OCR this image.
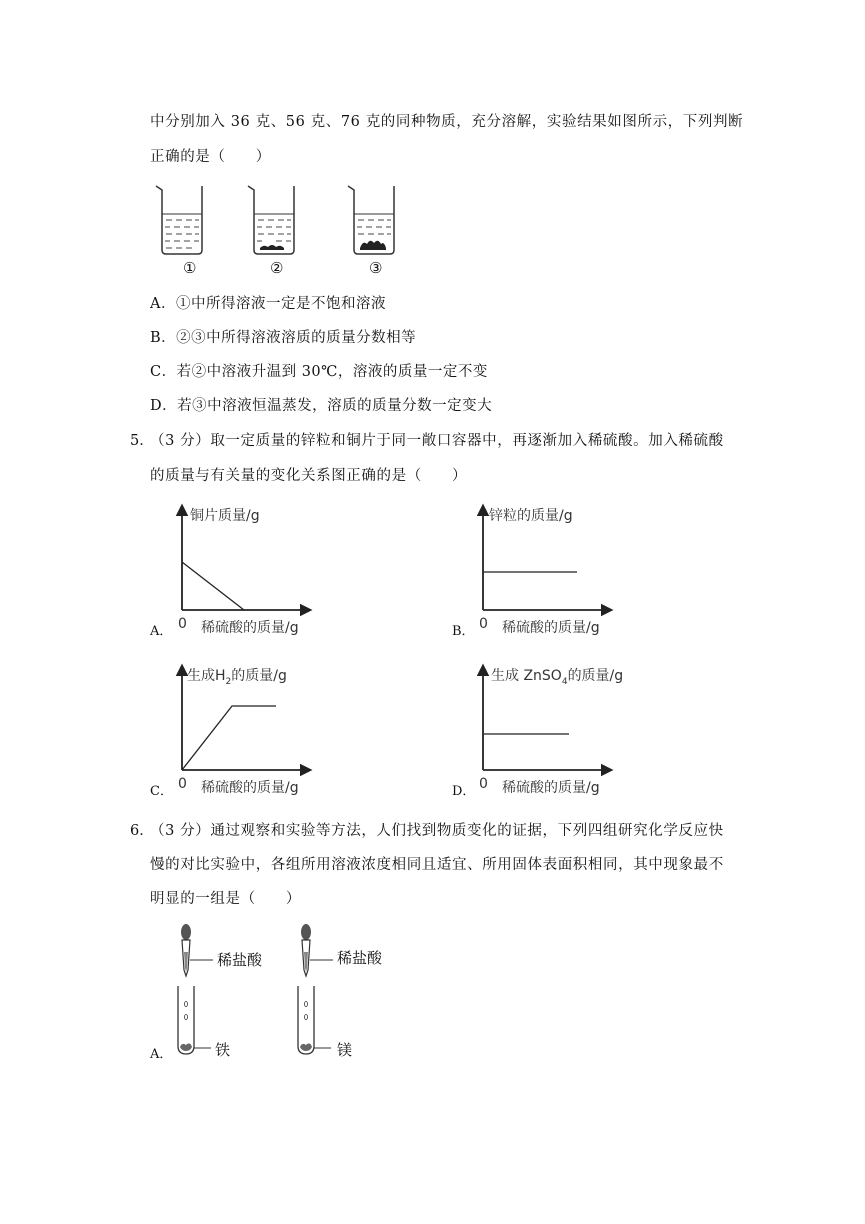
中分别加入 36 克、56 克、76 克的同种物质，充分溶解，实验结果如图所示，下列判断
正确的是（　　）
①	②	③
A．①中所得溶液一定是不饱和溶液
B．②③中所得溶液溶质的质量分数相等
C．若②中溶液升温到 30℃，溶液的质量一定不变
D．若③中溶液恒温蒸发，溶质的质量分数一定变大
5．
（3 分）取一定质量的锌粒和铜片于同一敞口容器中，再逐渐加入稀硫酸。加入稀硫酸
的质量与有关量的变化关系图正确的是（　　）
A．
铜片质量/g
0 稀硫酸的质量/g	B．
锌粒的质量/g
0 稀硫酸的质量/g
C．
生成$H_2$的质量/g
0 稀硫酸的质量/g	D．
生成 ZnSO$_4$的质量/g
0 稀硫酸的质量/g
6．
（3 分）通过观察和实验等方法，人们找到物质变化的证据，下列四组研究化学反应快
慢的对比实验中，各组所用溶液浓度相同且适宜、所用固体表面积相同，其中现象最不
明显的一组是（　　）
稀盐酸	稀盐酸
铁	镁
A．
